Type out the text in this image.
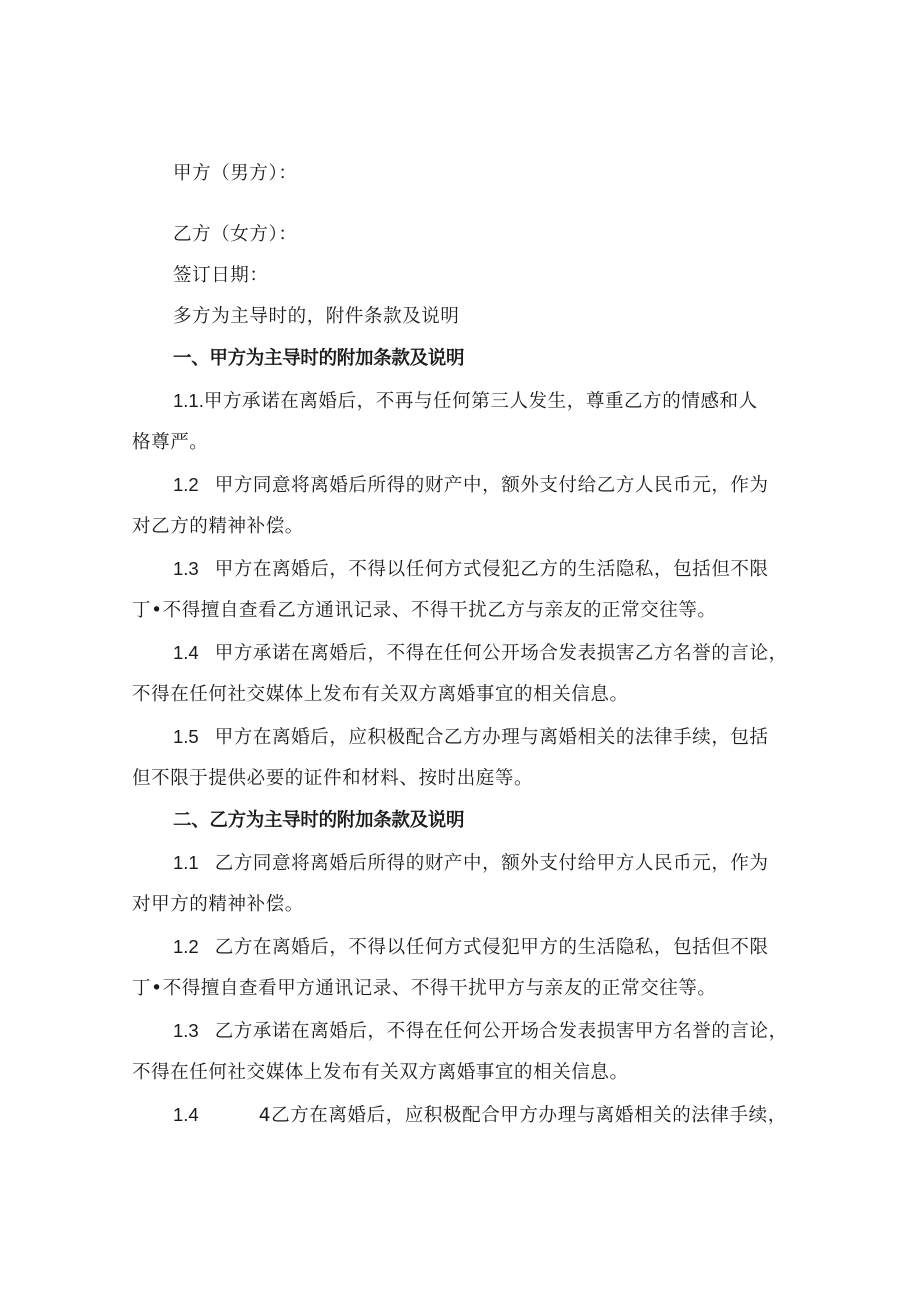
甲方（男方）：
乙方（女方）：
签订日期：
多方为主导时的，附件条款及说明
一、甲方为主导时的附加条款及说明
1.1.甲方承诺在离婚后，不再与任何第三人发生，尊重乙方的情感和人
格尊严。
1.2 甲方同意将离婚后所得的财产中，额外支付给乙方人民币元，作为
对乙方的精神补偿。
1.3 甲方在离婚后，不得以任何方式侵犯乙方的生活隐私，包括但不限
丁•不得擅自查看乙方通讯记录、不得干扰乙方与亲友的正常交往等。
1.4 甲方承诺在离婚后，不得在任何公开场合发表损害乙方名誉的言论，
不得在任何社交媒体上发布有关双方离婚事宜的相关信息。
1.5 甲方在离婚后，应积极配合乙方办理与离婚相关的法律手续，包括
但不限于提供必要的证件和材料、按时出庭等。
二、乙方为主导时的附加条款及说明
1.1 乙方同意将离婚后所得的财产中，额外支付给甲方人民币元，作为
对甲方的精神补偿。
1.2 乙方在离婚后，不得以任何方式侵犯甲方的生活隐私，包括但不限
丁•不得擅自查看甲方通讯记录、不得干扰甲方与亲友的正常交往等。
1.3 乙方承诺在离婚后，不得在任何公开场合发表损害甲方名誉的言论，
不得在任何社交媒体上发布有关双方离婚事宜的相关信息。
1.4	4乙方在离婚后，应积极配合甲方办理与离婚相关的法律手续，
